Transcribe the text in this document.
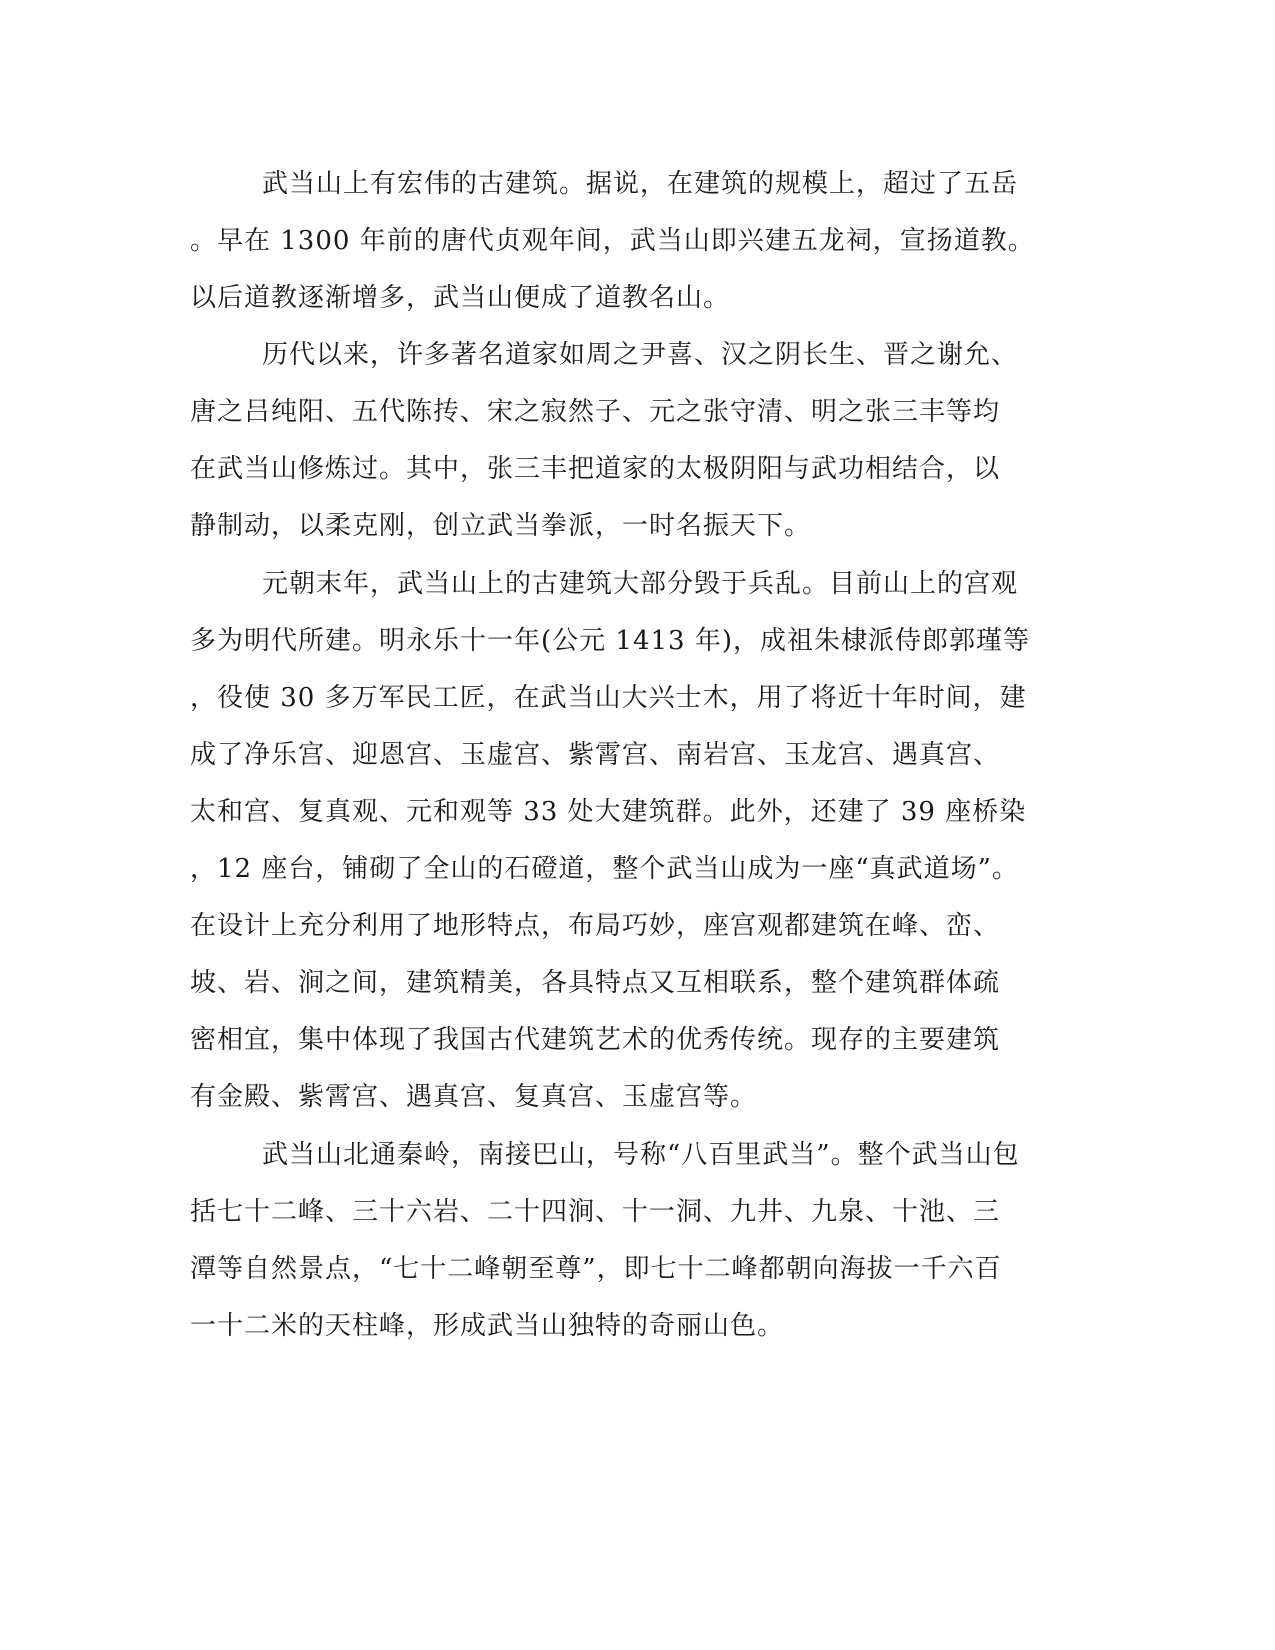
武当山上有宏伟的古建筑。据说，在建筑的规模上，超过了五岳
。早在 1300 年前的唐代贞观年间，武当山即兴建五龙祠，宣扬道教。
以后道教逐渐增多，武当山便成了道教名山。
历代以来，许多著名道家如周之尹喜、汉之阴长生、晋之谢允、
唐之吕纯阳、五代陈抟、宋之寂然子、元之张守清、明之张三丰等均
在武当山修炼过。其中，张三丰把道家的太极阴阳与武功相结合，以
静制动，以柔克刚，创立武当拳派，一时名振天下。
元朝末年，武当山上的古建筑大部分毁于兵乱。目前山上的宫观
多为明代所建。明永乐十一年(公元 1413 年)，成祖朱棣派侍郎郭瑾等
，役使 30 多万军民工匠，在武当山大兴士木，用了将近十年时间，建
成了净乐宫、迎恩宫、玉虚宫、紫霄宫、南岩宫、玉龙宫、遇真宫、
太和宫、复真观、元和观等 33 处大建筑群。此外，还建了 39 座桥染
，12 座台，铺砌了全山的石磴道，整个武当山成为一座“真武道场”。
在设计上充分利用了地形特点，布局巧妙，座宫观都建筑在峰、峦、
坡、岩、涧之间，建筑精美，各具特点又互相联系，整个建筑群体疏
密相宜，集中体现了我国古代建筑艺术的优秀传统。现存的主要建筑
有金殿、紫霄宫、遇真宫、复真宫、玉虚宫等。
武当山北通秦岭，南接巴山，号称“八百里武当”。整个武当山包
括七十二峰、三十六岩、二十四涧、十一洞、九井、九泉、十池、三
潭等自然景点，“七十二峰朝至尊”，即七十二峰都朝向海拔一千六百
一十二米的天柱峰，形成武当山独特的奇丽山色。
